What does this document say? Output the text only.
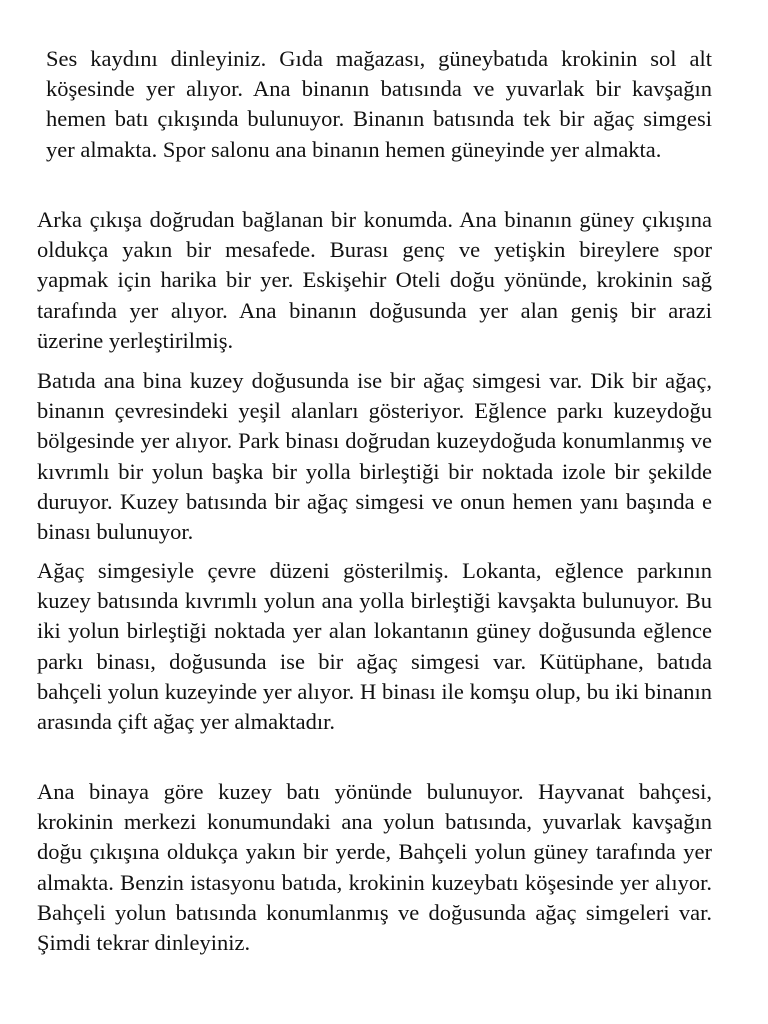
Ses kaydını dinleyiniz. Gıda mağazası, güneybatıda krokinin sol alt köşesinde yer alıyor. Ana binanın batısında ve yuvarlak bir kavşağın hemen batı çıkışında bulunuyor. Binanın batısında tek bir ağaç simgesi yer almakta. Spor salonu ana binanın hemen güneyinde yer almakta.

Arka çıkışa doğrudan bağlanan bir konumda. Ana binanın güney çıkışına oldukça yakın bir mesafede. Burası genç ve yetişkin bireylere spor yapmak için harika bir yer. Eskişehir Oteli doğu yönünde, krokinin sağ tarafında yer alıyor. Ana binanın doğusunda yer alan geniş bir arazi üzerine yerleştirilmiş.

Batıda ana bina kuzey doğusunda ise bir ağaç simgesi var. Dik bir ağaç, binanın çevresindeki yeşil alanları gösteriyor. Eğlence parkı kuzeydoğu bölgesinde yer alıyor. Park binası doğrudan kuzeydoğuda konumlanmış ve kıvrımlı bir yolun başka bir yolla birleştiği bir noktada izole bir şekilde duruyor. Kuzey batısında bir ağaç simgesi ve onun hemen yanı başında e binası bulunuyor.

Ağaç simgesiyle çevre düzeni gösterilmiş. Lokanta, eğlence parkının kuzey batısında kıvrımlı yolun ana yolla birleştiği kavşakta bulunuyor. Bu iki yolun birleştiği noktada yer alan lokantanın güney doğusunda eğlence parkı binası, doğusunda ise bir ağaç simgesi var. Kütüphane, batıda bahçeli yolun kuzeyinde yer alıyor. H binası ile komşu olup, bu iki binanın arasında çift ağaç yer almaktadır.

Ana binaya göre kuzey batı yönünde bulunuyor. Hayvanat bahçesi, krokinin merkezi konumundaki ana yolun batısında, yuvarlak kavşağın doğu çıkışına oldukça yakın bir yerde, Bahçeli yolun güney tarafında yer almakta. Benzin istasyonu batıda, krokinin kuzeybatı köşesinde yer alıyor. Bahçeli yolun batısında konumlanmış ve doğusunda ağaç simgeleri var. Şimdi tekrar dinleyiniz.
